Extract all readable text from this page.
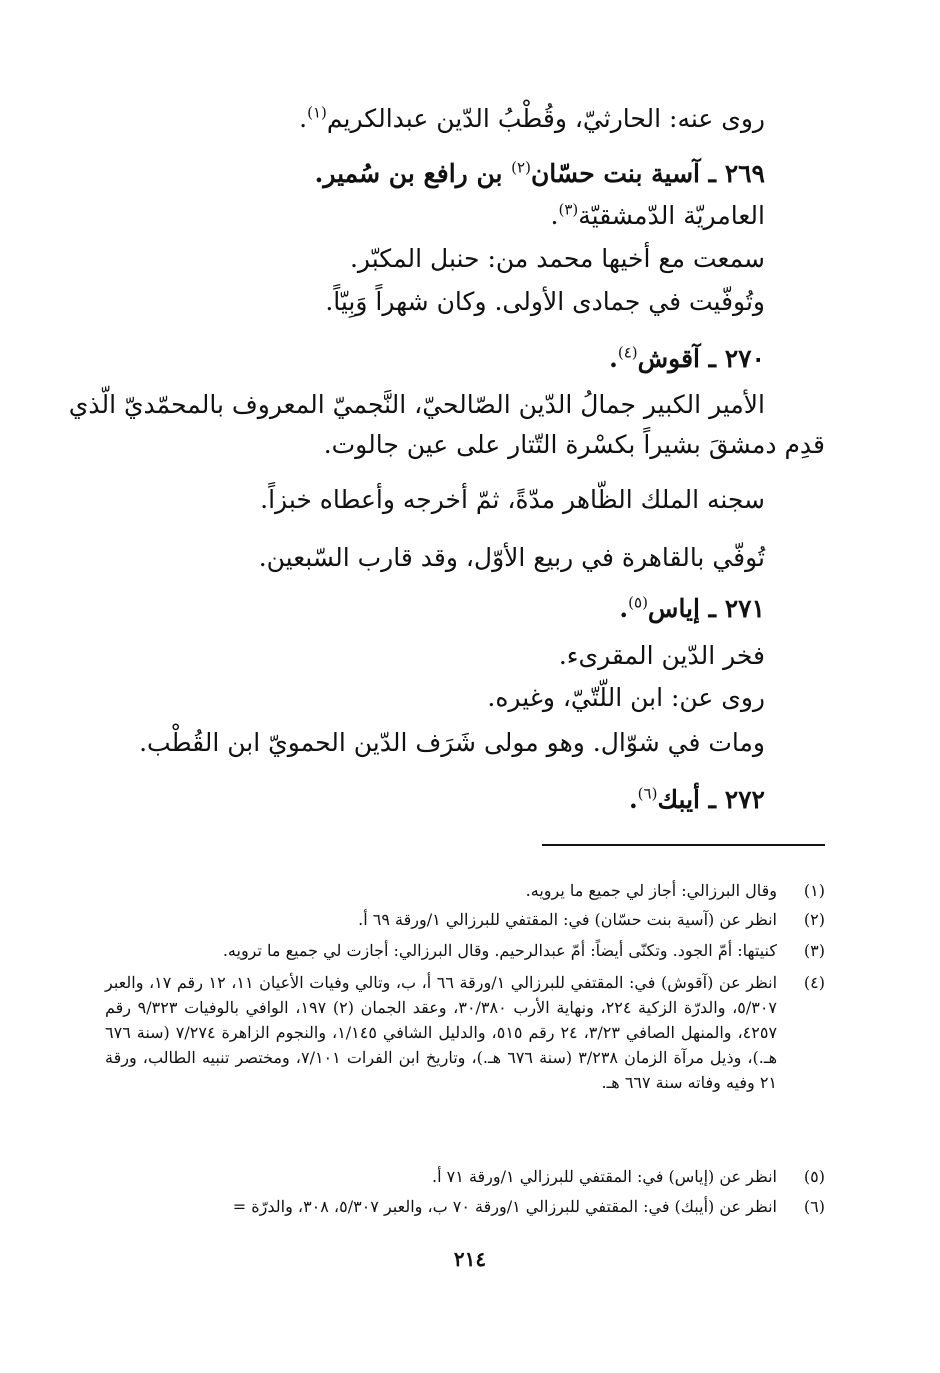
روى عنه: الحارثيّ، وقُطْبُ الدّين عبدالكريم$^{(١)}$.
٢٦٩ ـ آسية بنت حسّان$^{(٢)}$ بن رافع بن سُمير.
العامريّة الدّمشقيّة$^{(٣)}$.
سمعت مع أخيها محمد من: حنبل المكبّر.
وتُوفّيت في جمادى الأولى. وكان شهراً وَبِيّاً.
٢٧٠ ـ آقوش$^{(٤)}$.
الأمير الكبير جمالُ الدّين الصّالحيّ، النَّجميّ المعروف بالمحمّديّ الّذي
قدِم دمشقَ بشيراً بكسْرة التّتار على عين جالوت.
سجنه الملك الظّاهر مدّةً، ثمّ أخرجه وأعطاه خبزاً.
تُوفّي بالقاهرة في ربيع الأوّل، وقد قارب السّبعين.
٢٧١ ـ إياس$^{(٥)}$.
فخر الدّين المقرىء.
روى عن: ابن اللّتّيّ، وغيره.
ومات في شوّال. وهو مولى شَرَف الدّين الحمويّ ابن القُطْب.
٢٧٢ ـ أيبك$^{(٦)}$.
(١)
وقال البرزالي: أجاز لي جميع ما يرويه.
(٢)
انظر عن (آسية بنت حسّان) في: المقتفي للبرزالي ١/ورقة ٦٩ أ.
(٣)
كنيتها: أمّ الجود. وتكنّى أيضاً: أمّ عبدالرحيم. وقال البرزالي: أجازت لي جميع ما ترويه.
(٤)
انظر عن (آقوش) في: المقتفي للبرزالي ١/ورقة ٦٦ أ، ب، وتالي وفيات الأعيان ١١، ١٢ رقم ١٧، والعبر ٥/٣٠٧، والدرّة الزكية ٢٢٤، ونهاية الأرب ٣٠/٣٨٠، وعقد الجمان (٢) ١٩٧، الوافي بالوفيات ٩/٣٢٣ رقم ٤٢٥٧، والمنهل الصافي ٣/٢٣، ٢٤ رقم ٥١٥، والدليل الشافي ١/١٤٥، والنجوم الزاهرة ٧/٢٧٤ (سنة ٦٧٦ هـ.)، وذيل مرآة الزمان ٣/٢٣٨ (سنة ٦٧٦ هـ.)، وتاريخ ابن الفرات ٧/١٠١، ومختصر تنبيه الطالب، ورقة ٢١ وفيه وفاته سنة ٦٦٧ هـ.
(٥)
انظر عن (إياس) في: المقتفي للبرزالي ١/ورقة ٧١ أ.
(٦)
انظر عن (أيبك) في: المقتفي للبرزالي ١/ورقة ٧٠ ب، والعبر ٥/٣٠٧، ٣٠٨، والدرّة =
٢١٤
